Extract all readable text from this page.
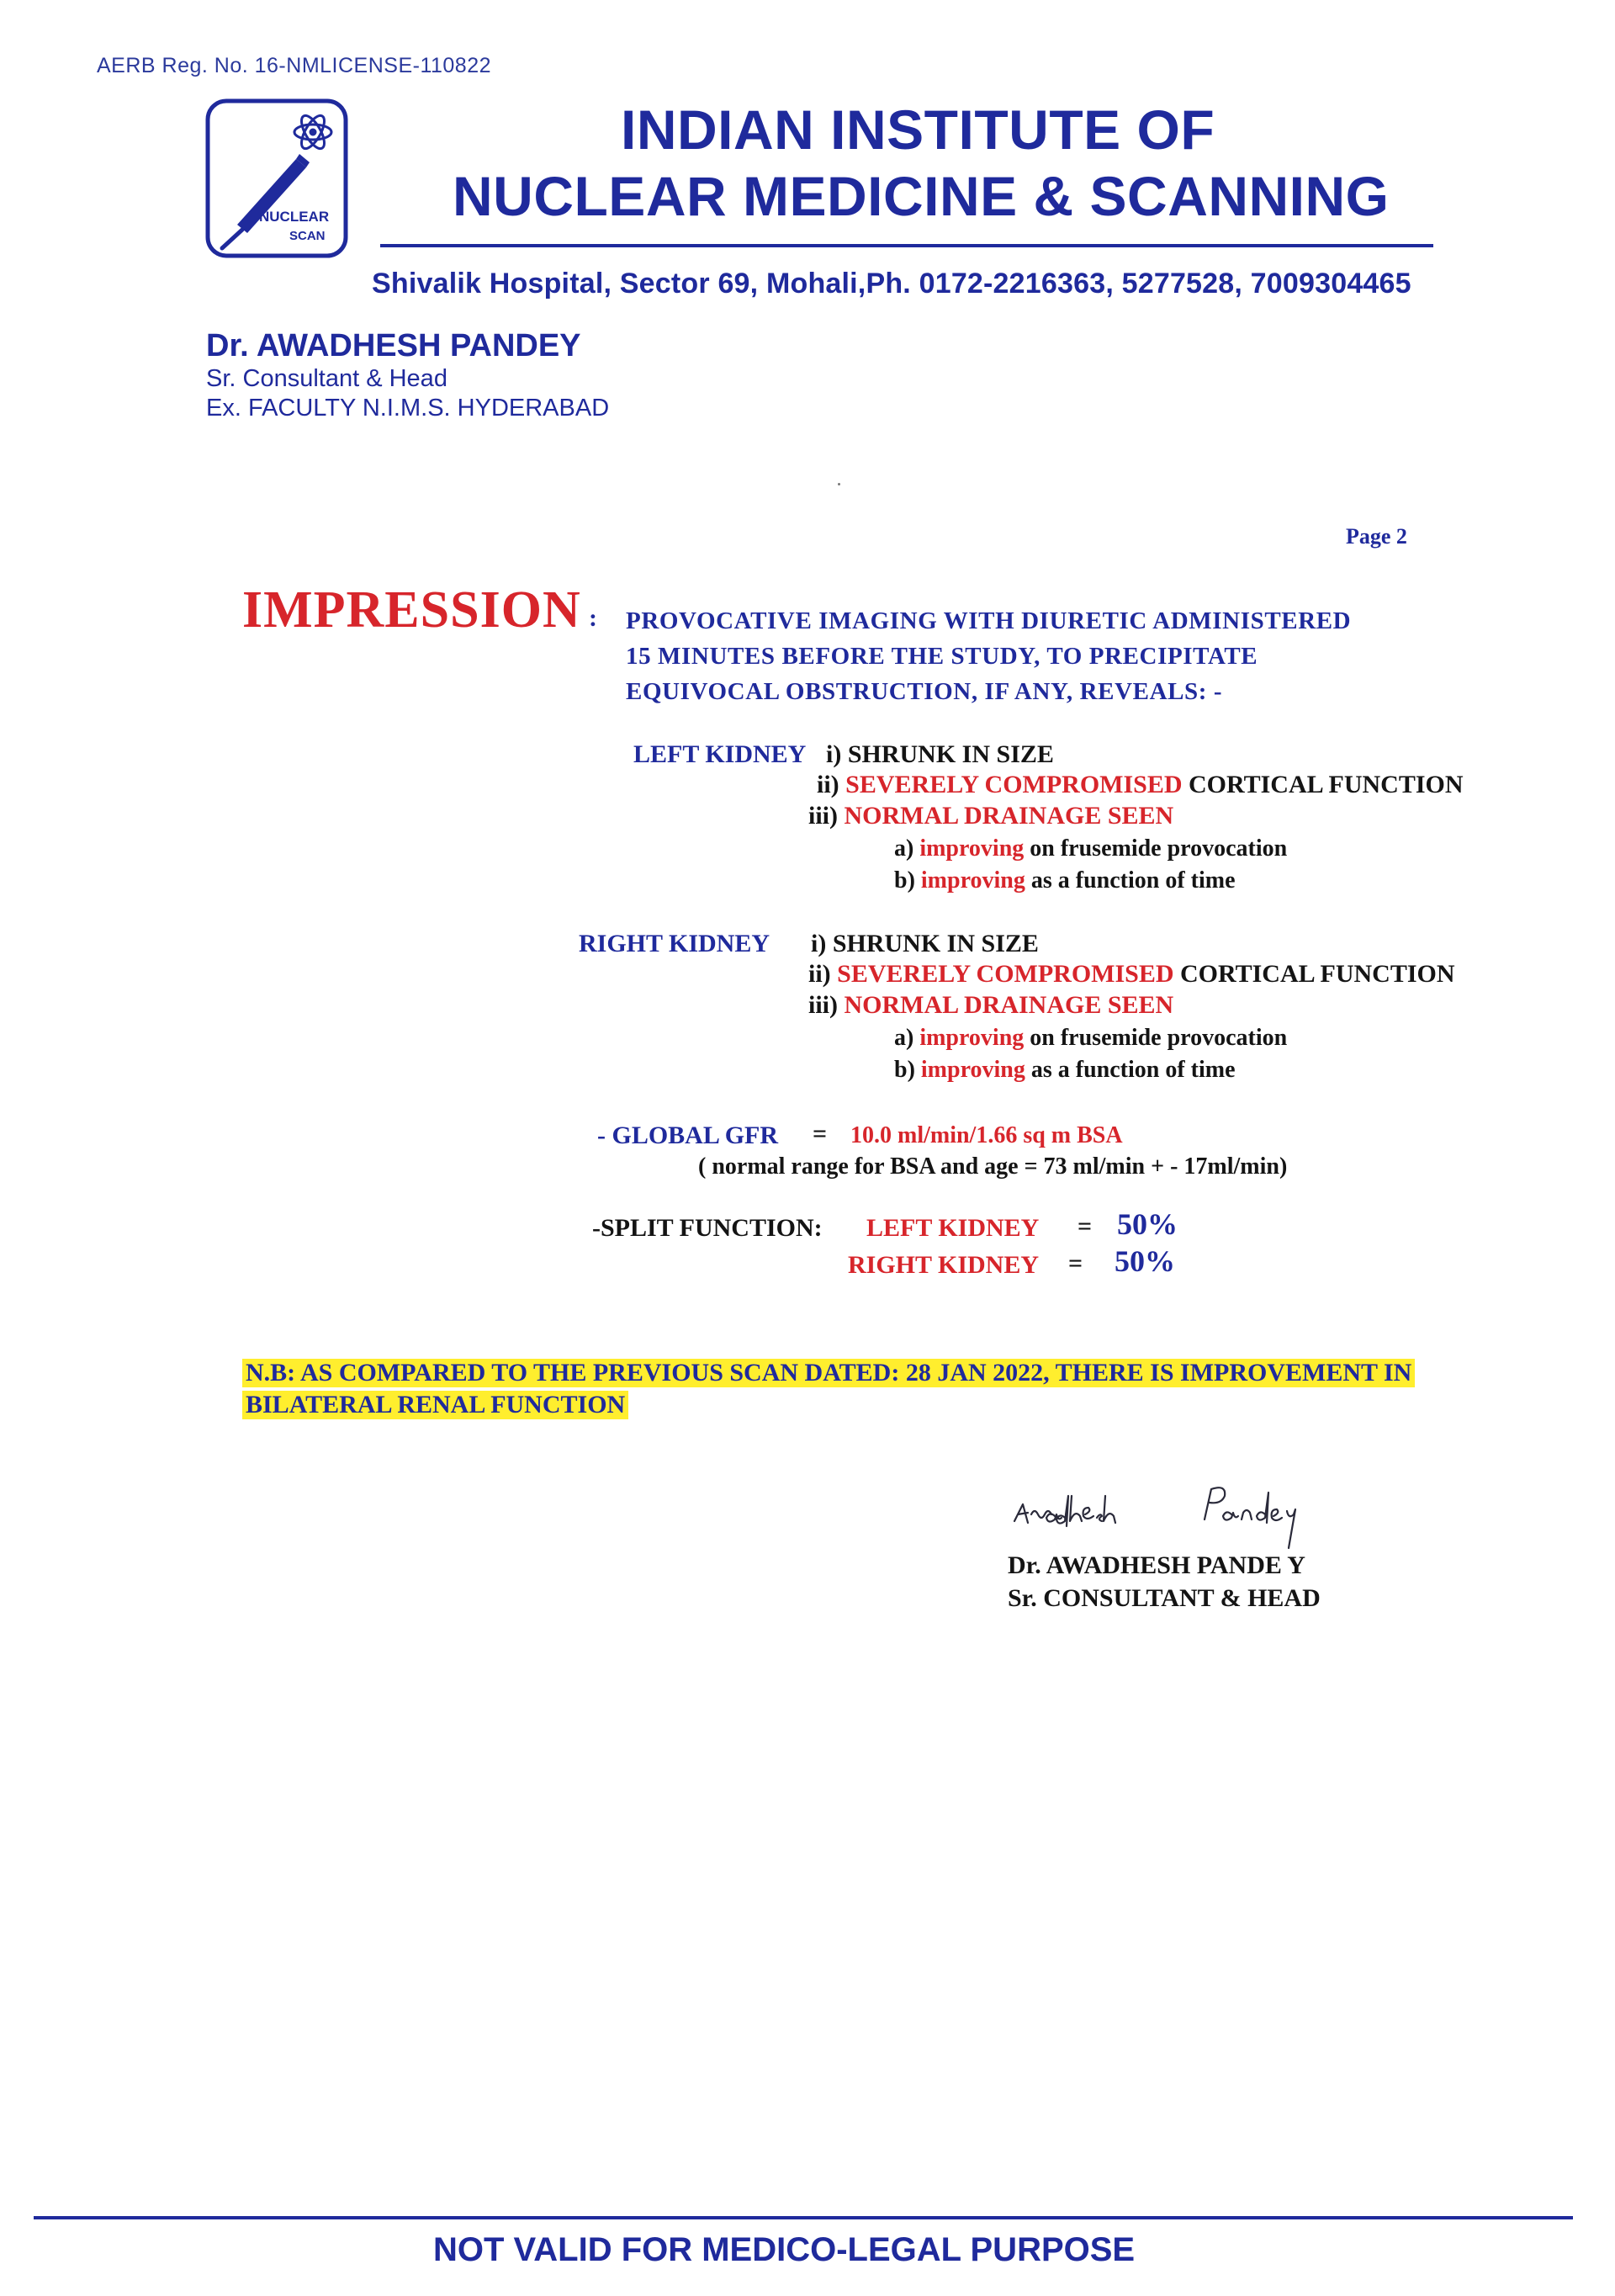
AERB Reg. No. 16-NMLICENSE-110822
NUCLEAR
SCAN
INDIAN INSTITUTE OF
NUCLEAR MEDICINE & SCANNING
Shivalik Hospital, Sector 69, Mohali,Ph. 0172-2216363, 5277528, 7009304465
Dr. AWADHESH PANDEY
Sr. Consultant & Head
Ex. FACULTY N.I.M.S. HYDERABAD
Page 2
IMPRESSION : PROVOCATIVE IMAGING WITH DIURETIC ADMINISTERED
15 MINUTES BEFORE THE STUDY, TO PRECIPITATE
EQUIVOCAL OBSTRUCTION, IF ANY, REVEALS: -
LEFT KIDNEY i) SHRUNK IN SIZE
ii) SEVERELY COMPROMISED CORTICAL FUNCTION
iii) NORMAL DRAINAGE SEEN
a) improving on frusemide provocation
b) improving as a function of time
RIGHT KIDNEY i) SHRUNK IN SIZE
ii) SEVERELY COMPROMISED CORTICAL FUNCTION
iii) NORMAL DRAINAGE SEEN
a) improving on frusemide provocation
b) improving as a function of time
- GLOBAL GFR = 10.0 ml/min/1.66 sq m BSA
( normal range for BSA and age = 73 ml/min + - 17ml/min)
-SPLIT FUNCTION: LEFT KIDNEY = 50%
RIGHT KIDNEY = 50%
N.B: AS COMPARED TO THE PREVIOUS SCAN DATED: 28 JAN 2022, THERE IS IMPROVEMENT IN
BILATERAL RENAL FUNCTION
Dr. AWADHESH PANDE Y
Sr. CONSULTANT & HEAD
NOT VALID FOR MEDICO-LEGAL PURPOSE
